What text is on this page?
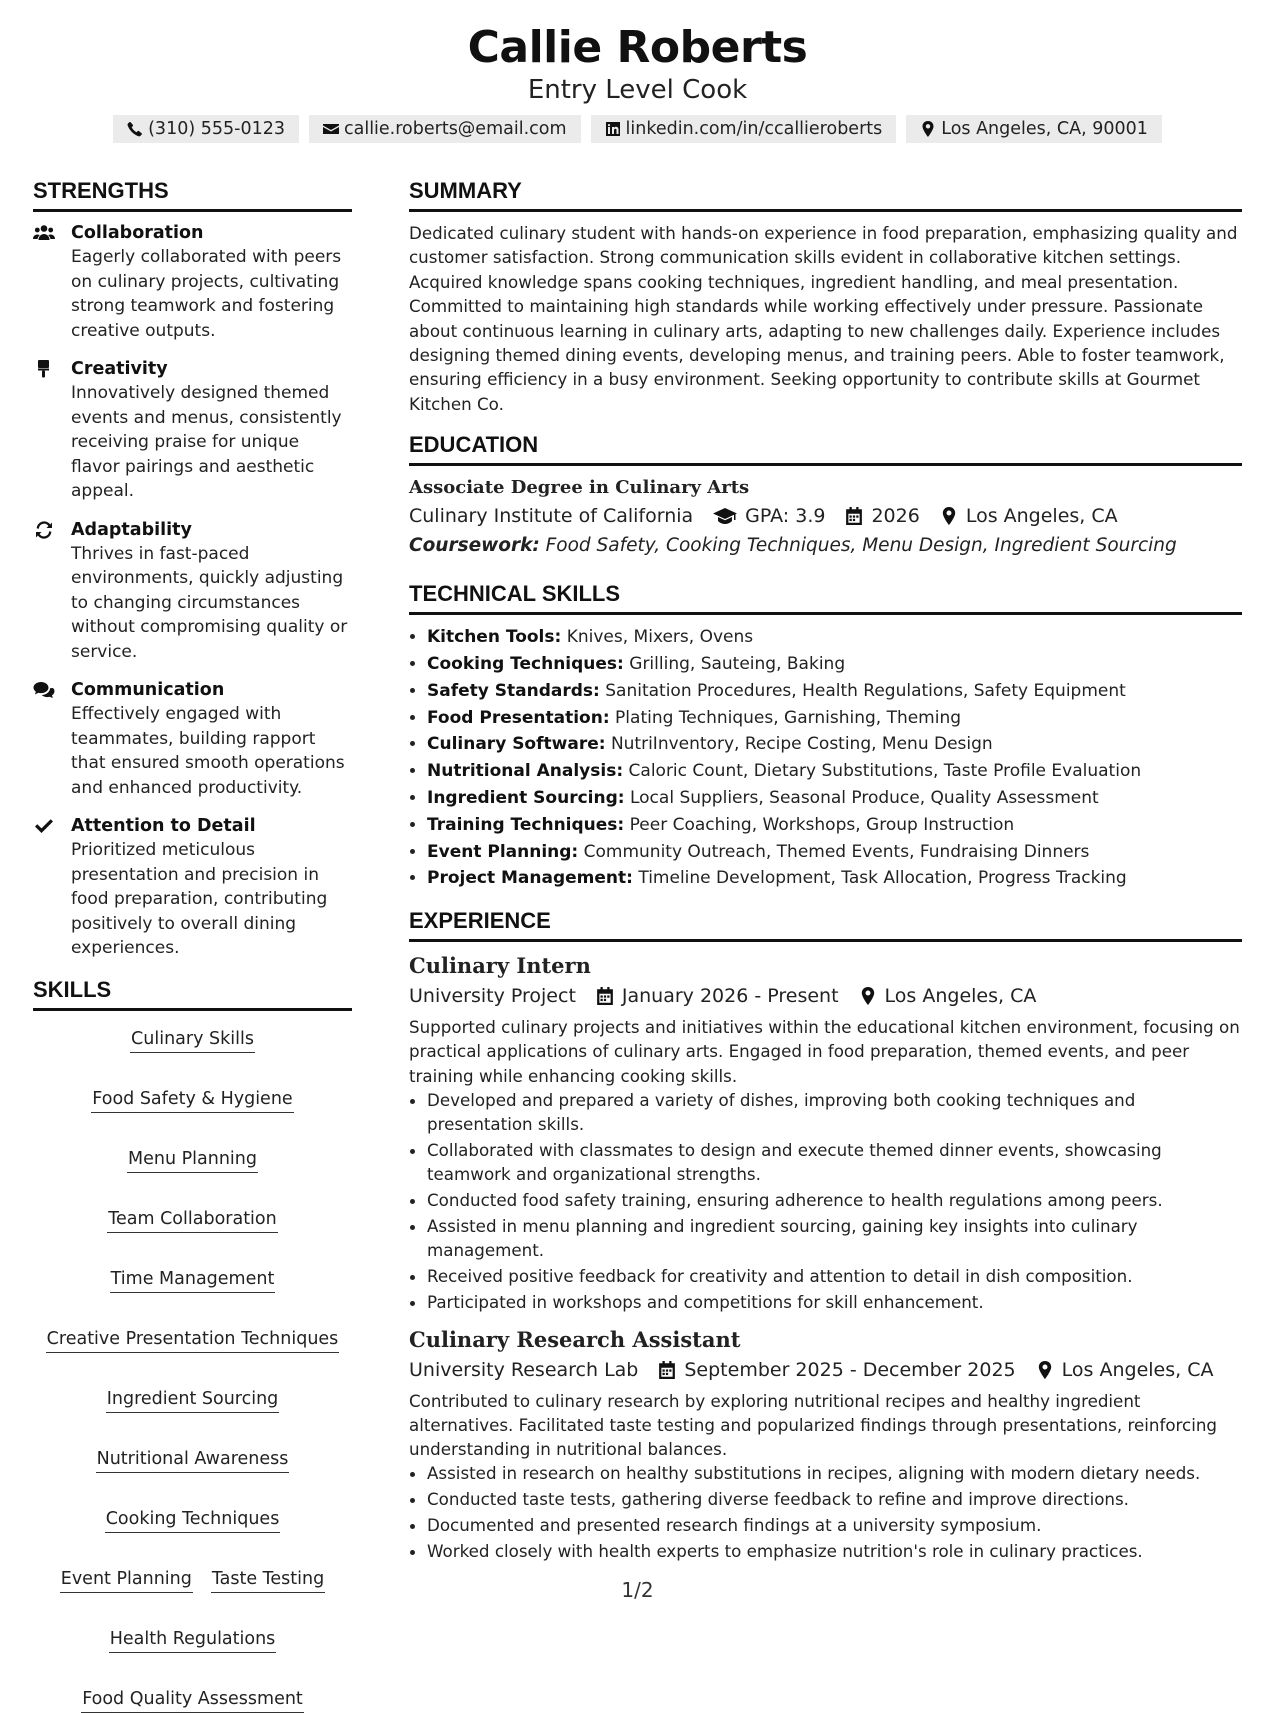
Callie Roberts
Entry Level Cook
(310) 555-0123	callie.roberts@email.com	linkedin.com/in/ccallieroberts	Los Angeles, CA, 90001
STRENGTHS
Collaboration
Eagerly collaborated with peers on culinary projects, cultivating strong teamwork and fostering creative outputs.
Creativity
Innovatively designed themed events and menus, consistently receiving praise for unique flavor pairings and aesthetic appeal.
Adaptability
Thrives in fast-paced environments, quickly adjusting to changing circumstances without compromising quality or service.
Communication
Effectively engaged with teammates, building rapport that ensured smooth operations and enhanced productivity.
Attention to Detail
Prioritized meticulous presentation and precision in food preparation, contributing positively to overall dining experiences.
SKILLS
Culinary Skills
Food Safety & Hygiene
Menu Planning
Team Collaboration
Time Management
Creative Presentation Techniques
Ingredient Sourcing
Nutritional Awareness
Cooking Techniques
Event Planning Taste Testing
Health Regulations
Food Quality Assessment
SUMMARY
Dedicated culinary student with hands-on experience in food preparation, emphasizing quality and customer satisfaction. Strong communication skills evident in collaborative kitchen settings. Acquired knowledge spans cooking techniques, ingredient handling, and meal presentation. Committed to maintaining high standards while working effectively under pressure. Passionate about continuous learning in culinary arts, adapting to new challenges daily. Experience includes designing themed dining events, developing menus, and training peers. Able to foster teamwork, ensuring efficiency in a busy environment. Seeking opportunity to contribute skills at Gourmet Kitchen Co.
EDUCATION
Associate Degree in Culinary Arts
Culinary Institute of California	GPA: 3.9 2026 Los Angeles, CA
Coursework: Food Safety, Cooking Techniques, Menu Design, Ingredient Sourcing
TECHNICAL SKILLS
• Kitchen Tools: Knives, Mixers, Ovens
• Cooking Techniques: Grilling, Sauteing, Baking
• Safety Standards: Sanitation Procedures, Health Regulations, Safety Equipment
• Food Presentation: Plating Techniques, Garnishing, Theming
• Culinary Software: NutriInventory, Recipe Costing, Menu Design
• Nutritional Analysis: Caloric Count, Dietary Substitutions, Taste Profile Evaluation
• Ingredient Sourcing: Local Suppliers, Seasonal Produce, Quality Assessment
• Training Techniques: Peer Coaching, Workshops, Group Instruction
• Event Planning: Community Outreach, Themed Events, Fundraising Dinners
• Project Management: Timeline Development, Task Allocation, Progress Tracking
EXPERIENCE
Culinary Intern
University Project January 2026 - Present Los Angeles, CA
Supported culinary projects and initiatives within the educational kitchen environment, focusing on practical applications of culinary arts. Engaged in food preparation, themed events, and peer training while enhancing cooking skills.
• Developed and prepared a variety of dishes, improving both cooking techniques and presentation skills.
• Collaborated with classmates to design and execute themed dinner events, showcasing teamwork and organizational strengths.
• Conducted food safety training, ensuring adherence to health regulations among peers.
• Assisted in menu planning and ingredient sourcing, gaining key insights into culinary management.
• Received positive feedback for creativity and attention to detail in dish composition.
• Participated in workshops and competitions for skill enhancement.
Culinary Research Assistant
University Research Lab September 2025 - December 2025 Los Angeles, CA
Contributed to culinary research by exploring nutritional recipes and healthy ingredient alternatives. Facilitated taste testing and popularized findings through presentations, reinforcing understanding in nutritional balances.
• Assisted in research on healthy substitutions in recipes, aligning with modern dietary needs.
• Conducted taste tests, gathering diverse feedback to refine and improve directions.
• Documented and presented research findings at a university symposium.
• Worked closely with health experts to emphasize nutrition's role in culinary practices.
1/2
